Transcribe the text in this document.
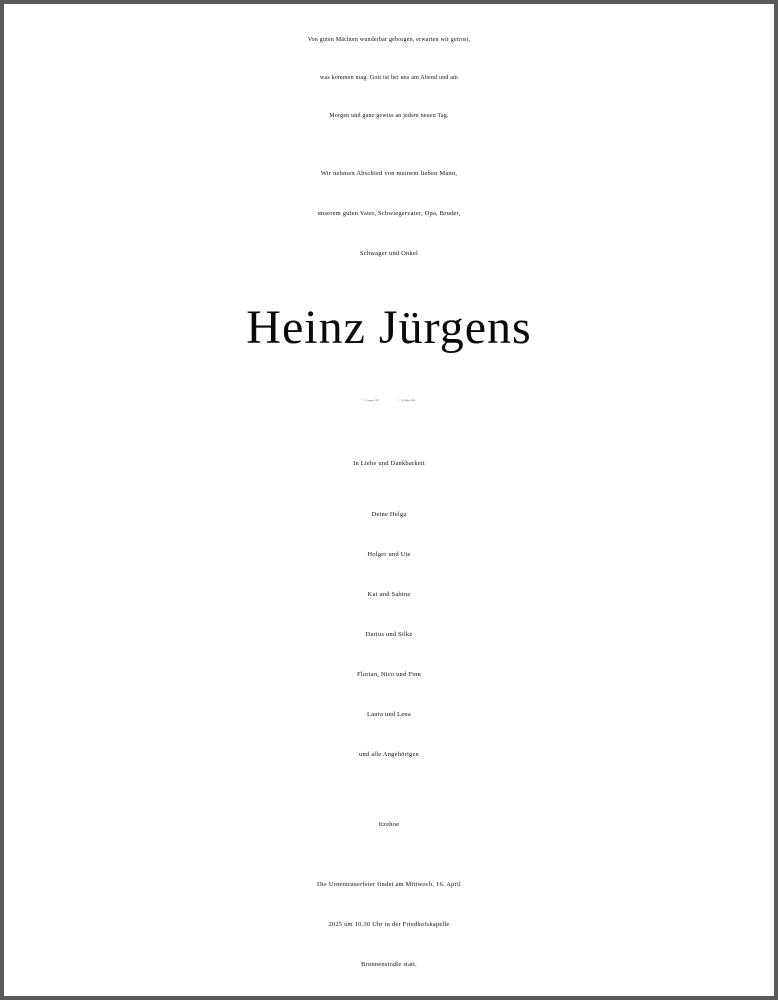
Von guten Mächten wunderbar geborgen, erwarten wir getrost,
was kommen mag. Gott ist bei uns am Abend und am
Morgen und ganz gewiss an jedem neuen Tag.
Wir nehmen Abschied von meinem lieben Mann,
unserem guten Vater, Schwiegervater, Opa, Bruder,
Schwager und Onkel
Heinz Jürgens
* 2. August 1937	† 28. März 2025
In Liebe und Dankbarkeit
Deine Helga
Holger und Ute
Kai und Sabine
Darius und Silke
Florian, Nico und Finn
Laura und Lena
und alle Angehörigen
Itzehoe
Die Urnentrauerfeier findet am Mittwoch, 16. April
2025 um 10.30 Uhr in der Friedhofskapelle
Brunnenstraße statt.
